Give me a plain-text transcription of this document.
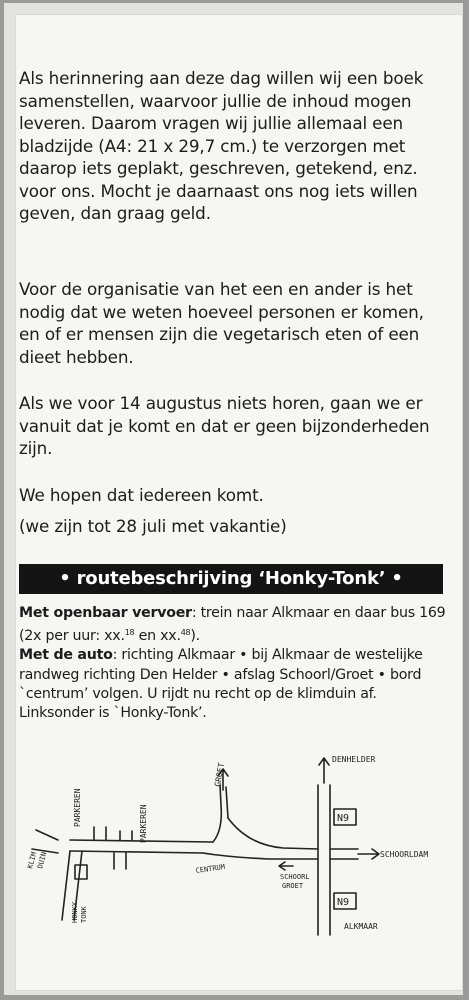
Als herinnering aan deze dag willen wij een boek samenstellen, waarvoor jullie de inhoud mogen leveren. Daarom vragen wij jullie allemaal een bladzijde (A4: 21 x 29,7 cm.) te verzorgen met daarop iets geplakt, geschreven, getekend, enz. voor ons. Mocht je daarnaast ons nog iets willen geven, dan graag geld.

Voor de organisatie van het een en ander is het nodig dat we weten hoeveel personen er komen, en of er mensen zijn die vegetarisch eten of een dieet hebben.

Als we voor 14 augustus niets horen, gaan we er vanuit dat je komt en dat er geen bijzonderheden zijn.

We hopen dat iedereen komt.

(we zijn tot 28 juli met vakantie)

• routebeschrijving ‘Honky-Tonk’ •

Met openbaar vervoer: trein naar Alkmaar en daar bus 169 (2x per uur: xx.$^{18}$ en xx.$^{48}$).
Met de auto: richting Alkmaar • bij Alkmaar de westelijke randweg richting Den Helder • afslag Schoorl/Groet • bord `centrum’ volgen. U rijdt nu recht op de klimduin af. Linksonder is `Honky-Tonk’.

DENHELDER
SCHOORLDAM
ALKMAAR
GROET
PARKEREN	PARKEREN
KLIM
DUIN
HONKY TONK
CENTRUM
SCHOORL
GROET
N9
N9
